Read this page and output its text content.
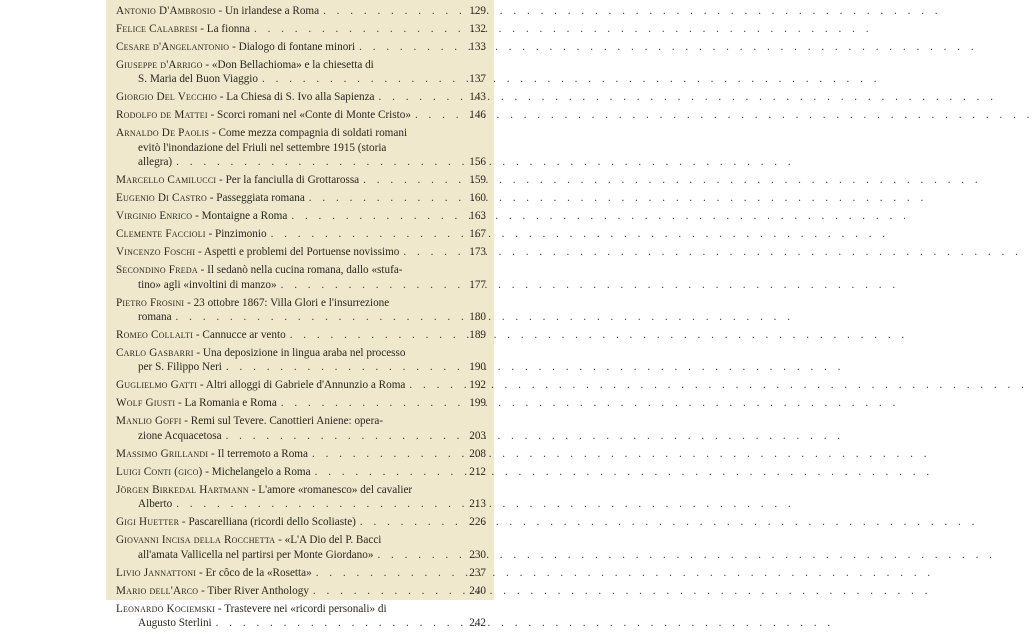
Antonio D'Ambrosio - Un irlandese a Roma . . .	129
Felice Calabresi - La fionna . . .	132
Cesare d'Angelantonio - Dialogo di fontane minori . . .	133
Giuseppe d'Arrigo - «Don Bellachioma» e la chiesetta di
S. Maria del Buon Viaggio . . .	137
Giorgio Del Vecchio - La Chiesa di S. Ivo alla Sapienza . . .	143
Rodolfo de Mattei - Scorci romani nel «Conte di Monte Cristo» . . .	146
Arnaldo De Paolis - Come mezza compagnia di soldati romani
evitò l'inondazione del Friuli nel settembre 1915 (storia
allegra) . . .	156
Marcello Camilucci - Per la fanciulla di Grottarossa . . .	159
Eugenio Di Castro - Passeggiata romana . . .	160
Virginio Enrico - Montaigne a Roma . . .	163
Clemente Faccioli - Pinzimonio . . .	167
Vincenzo Foschi - Aspetti e problemi del Portuense novissimo . . .	173
Secondino Freda - Il sedanò nella cucina romana, dallo «stufa-
tino» agli «involtini di manzo» . . .	177
Pietro Frosini - 23 ottobre 1867: Villa Glori e l'insurrezione
romana . . .	180
Romeo Collalti - Cannucce ar vento . . .	189
Carlo Gasbarri - Una deposizione in lingua araba nel processo
per S. Filippo Neri . . .	190
Guglielmo Gatti - Altri alloggi di Gabriele d'Annunzio a Roma . . .	192
Wolf Giusti - La Romania e Roma . . .	199
Manlio Goffi - Remi sul Tevere. Canottieri Aniene: opera-
zione Acquacetosa . . .	203
Massimo Grillandi - Il terremoto a Roma . . .	208
Luigi Conti (gico) - Michelangelo a Roma . . .	212
Jörgen Birkedal Hartmann - L'amore «romanesco» del cavalier
Alberto . . .	213
Gigi Huetter - Pascarelliana (ricordi dello Scoliaste) . . .	226
Giovanni Incisa della Rocchetta - «L'A Dio del P. Bacci
all'amata Vallicella nel partirsi per Monte Giordano» . . .	230
Livio Jannattoni - Er côco de la «Rosetta» . . .	237
Mario dell'Arco - Tiber River Anthology . . .	240
Leonardo Kociemski - Trastevere nei «ricordi personali» di
Augusto Sterlini . . .	242
